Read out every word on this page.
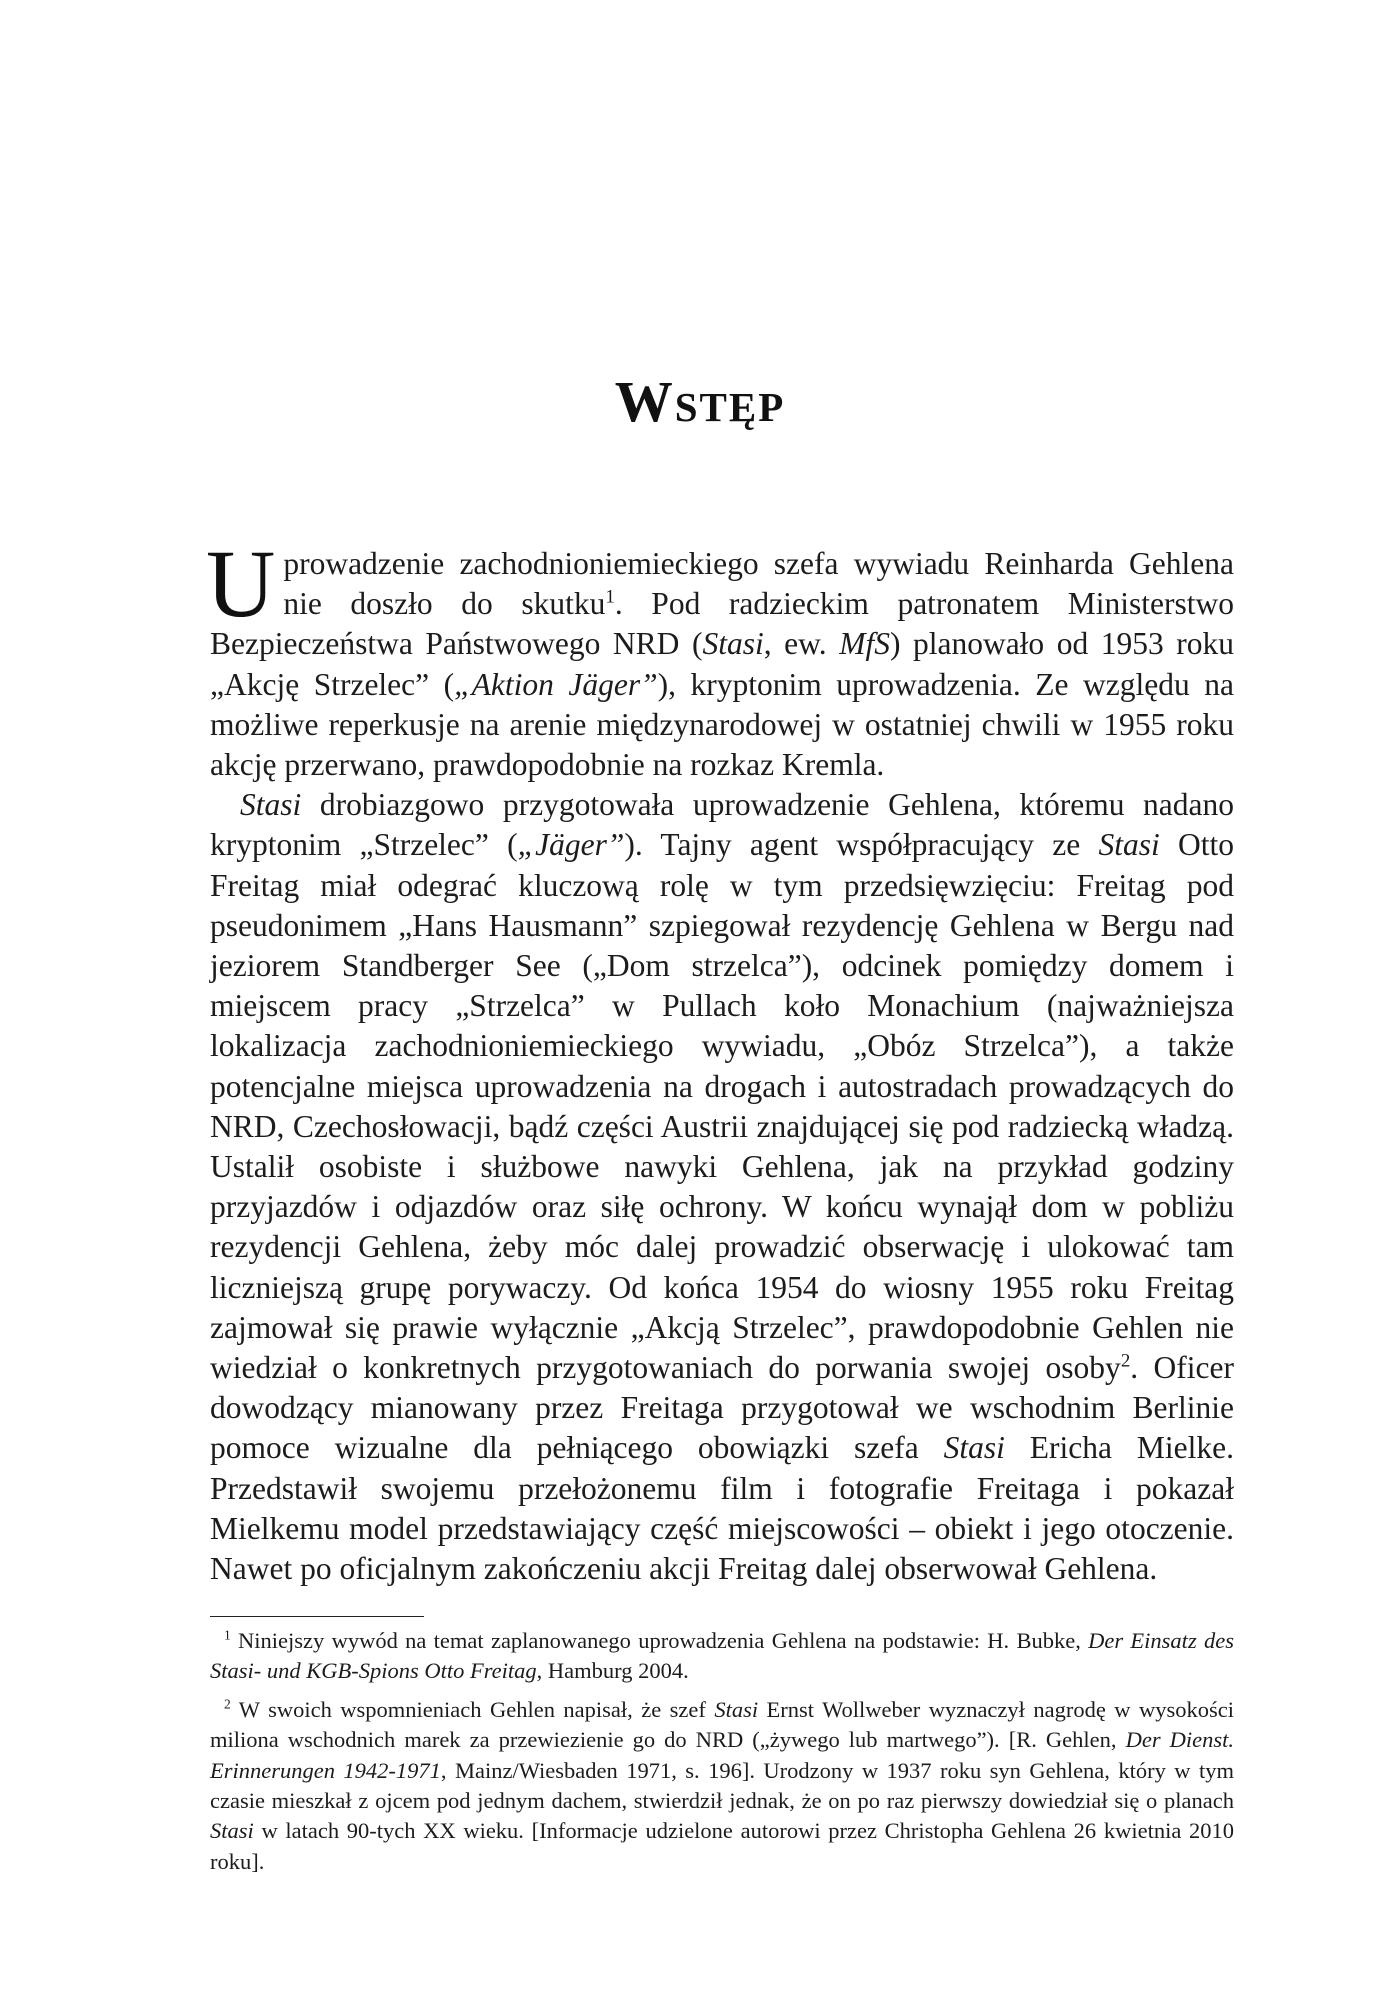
Wstęp

Uprowadzenie zachodnioniemieckiego szefa wywiadu Reinharda Gehlena nie doszło do skutku$^1$. Pod radzieckim patronatem Ministerstwo Bezpieczeństwa Państwowego NRD (Stasi, ew. MfS) planowało od 1953 roku „Akcję Strzelec” („Aktion Jäger”), kryptonim uprowadzenia. Ze względu na możliwe reperkusje na arenie międzynarodowej w ostatniej chwili w 1955 roku akcję przerwano, prawdopodobnie na rozkaz Kremla.

Stasi drobiazgowo przygotowała uprowadzenie Gehlena, któremu nadano kryptonim „Strzelec” („Jäger”). Tajny agent współpracujący ze Stasi Otto Freitag miał odegrać kluczową rolę w tym przedsięwzięciu: Freitag pod pseudonimem „Hans Hausmann” szpiegował rezydencję Gehlena w Bergu nad jeziorem Standberger See („Dom strzelca”), odcinek pomiędzy domem i miejscem pracy „Strzelca” w Pullach koło Monachium (najważniejsza lokalizacja zachodnioniemieckiego wywiadu, „Obóz Strzelca”), a także potencjalne miejsca uprowadzenia na drogach i autostradach prowadzących do NRD, Czechosłowacji, bądź części Austrii znajdującej się pod radziecką władzą. Ustalił osobiste i służbowe nawyki Gehlena, jak na przykład godziny przyjazdów i odjazdów oraz siłę ochrony. W końcu wynajął dom w pobliżu rezydencji Gehlena, żeby móc dalej prowadzić obserwację i ulokować tam liczniejszą grupę porywaczy. Od końca 1954 do wiosny 1955 roku Freitag zajmował się prawie wyłącznie „Akcją Strzelec”, prawdopodobnie Gehlen nie wiedział o konkretnych przygotowaniach do porwania swojej osoby$^2$. Oficer dowodzący mianowany przez Freitaga przygotował we wschodnim Berlinie pomoce wizualne dla pełniącego obowiązki szefa Stasi Ericha Mielke. Przedstawił swojemu przełożonemu film i fotografie Freitaga i pokazał Mielkemu model przedstawiający część miejscowości – obiekt i jego otoczenie. Nawet po oficjalnym zakończeniu akcji Freitag dalej obserwował Gehlena.

$^1$ Niniejszy wywód na temat zaplanowanego uprowadzenia Gehlena na podstawie: H. Bubke, Der Einsatz des Stasi- und KGB-Spions Otto Freitag, Hamburg 2004.

$^2$ W swoich wspomnieniach Gehlen napisał, że szef Stasi Ernst Wollweber wyznaczył nagrodę w wysokości miliona wschodnich marek za przewiezienie go do NRD („żywego lub martwego”). [R. Gehlen, Der Dienst. Erinnerungen 1942-1971, Mainz/Wiesbaden 1971, s. 196]. Urodzony w 1937 roku syn Gehlena, który w tym czasie mieszkał z ojcem pod jednym dachem, stwierdził jednak, że on po raz pierwszy dowiedział się o planach Stasi w latach 90-tych XX wieku. [Informacje udzielone autorowi przez Christopha Gehlena 26 kwietnia 2010 roku].
